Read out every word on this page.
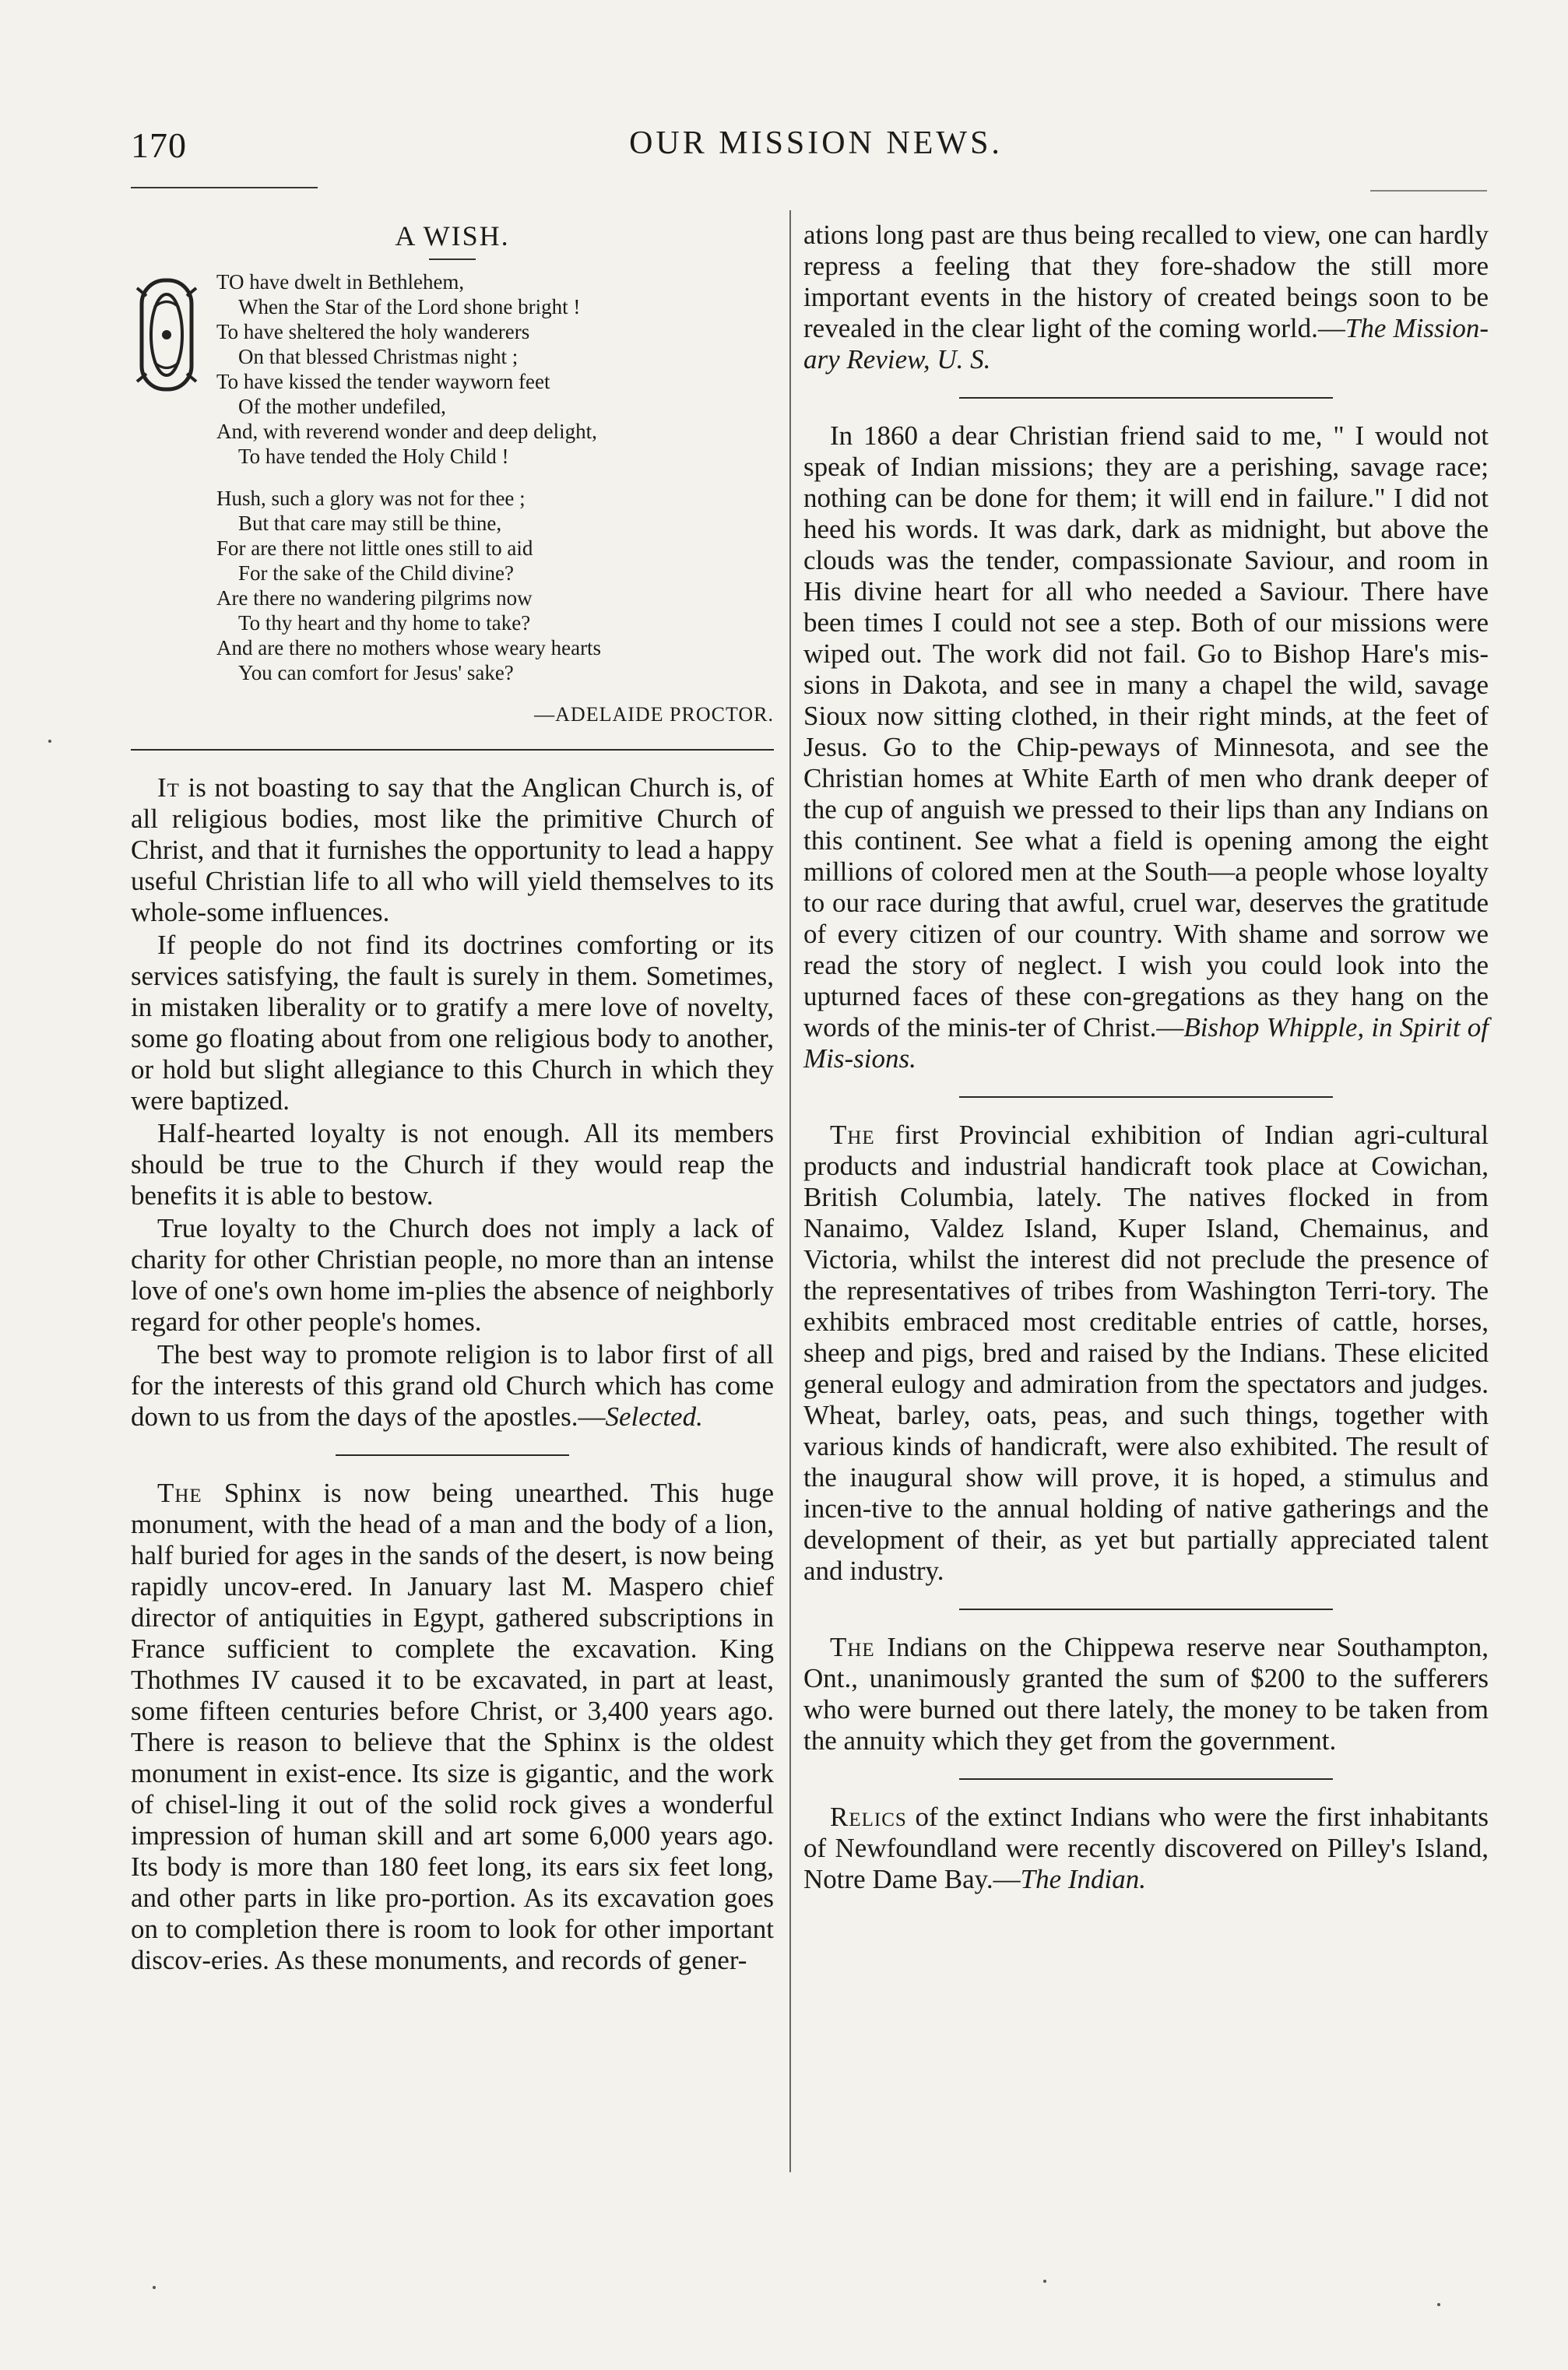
170	OUR MISSION NEWS.
A WISH.
TO have dwelt in Bethlehem,
When the Star of the Lord shone bright !
To have sheltered the holy wanderers
On that blessed Christmas night ;
To have kissed the tender wayworn feet
Of the mother undefiled,
And, with reverend wonder and deep delight,
To have tended the Holy Child !
Hush, such a glory was not for thee ;
But that care may still be thine,
For are there not little ones still to aid
For the sake of the Child divine?
Are there no wandering pilgrims now
To thy heart and thy home to take?
And are there no mothers whose weary hearts
You can comfort for Jesus' sake?
—ADELAIDE PROCTOR.

It is not boasting to say that the Anglican Church is, of all religious bodies, most like the primitive Church of Christ, and that it furnishes the opportunity to lead a happy useful Christian life to all who will yield themselves to its whole-some influences.

If people do not find its doctrines comforting or its services satisfying, the fault is surely in them. Sometimes, in mistaken liberality or to gratify a mere love of novelty, some go floating about from one religious body to another, or hold but slight allegiance to this Church in which they were baptized.

Half-hearted loyalty is not enough. All its members should be true to the Church if they would reap the benefits it is able to bestow.

True loyalty to the Church does not imply a lack of charity for other Christian people, no more than an intense love of one's own home im-plies the absence of neighborly regard for other people's homes.

The best way to promote religion is to labor first of all for the interests of this grand old Church which has come down to us from the days of the apostles.—Selected.

The Sphinx is now being unearthed. This huge monument, with the head of a man and the body of a lion, half buried for ages in the sands of the desert, is now being rapidly uncov-ered. In January last M. Maspero chief director of antiquities in Egypt, gathered subscriptions in France sufficient to complete the excavation. King Thothmes IV caused it to be excavated, in part at least, some fifteen centuries before Christ, or 3,400 years ago. There is reason to believe that the Sphinx is the oldest monument in exist-ence. Its size is gigantic, and the work of chisel-ling it out of the solid rock gives a wonderful impression of human skill and art some 6,000 years ago. Its body is more than 180 feet long, its ears six feet long, and other parts in like pro-portion. As its excavation goes on to completion there is room to look for other important discov-eries. As these monuments, and records of gener-

ations long past are thus being recalled to view, one can hardly repress a feeling that they fore-shadow the still more important events in the history of created beings soon to be revealed in the clear light of the coming world.—The Mission-ary Review, U. S.

In 1860 a dear Christian friend said to me, " I would not speak of Indian missions; they are a perishing, savage race; nothing can be done for them; it will end in failure." I did not heed his words. It was dark, dark as midnight, but above the clouds was the tender, compassionate Saviour, and room in His divine heart for all who needed a Saviour. There have been times I could not see a step. Both of our missions were wiped out. The work did not fail. Go to Bishop Hare's mis-sions in Dakota, and see in many a chapel the wild, savage Sioux now sitting clothed, in their right minds, at the feet of Jesus. Go to the Chip-peways of Minnesota, and see the Christian homes at White Earth of men who drank deeper of the cup of anguish we pressed to their lips than any Indians on this continent. See what a field is opening among the eight millions of colored men at the South—a people whose loyalty to our race during that awful, cruel war, deserves the gratitude of every citizen of our country. With shame and sorrow we read the story of neglect. I wish you could look into the upturned faces of these con-gregations as they hang on the words of the minis-ter of Christ.—Bishop Whipple, in Spirit of Mis-sions.

The first Provincial exhibition of Indian agri-cultural products and industrial handicraft took place at Cowichan, British Columbia, lately. The natives flocked in from Nanaimo, Valdez Island, Kuper Island, Chemainus, and Victoria, whilst the interest did not preclude the presence of the representatives of tribes from Washington Terri-tory. The exhibits embraced most creditable entries of cattle, horses, sheep and pigs, bred and raised by the Indians. These elicited general eulogy and admiration from the spectators and judges. Wheat, barley, oats, peas, and such things, together with various kinds of handicraft, were also exhibited. The result of the inaugural show will prove, it is hoped, a stimulus and incen-tive to the annual holding of native gatherings and the development of their, as yet but partially appreciated talent and industry.

The Indians on the Chippewa reserve near Southampton, Ont., unanimously granted the sum of $200 to the sufferers who were burned out there lately, the money to be taken from the annuity which they get from the government.

Relics of the extinct Indians who were the first inhabitants of Newfoundland were recently discovered on Pilley's Island, Notre Dame Bay.—The Indian.
